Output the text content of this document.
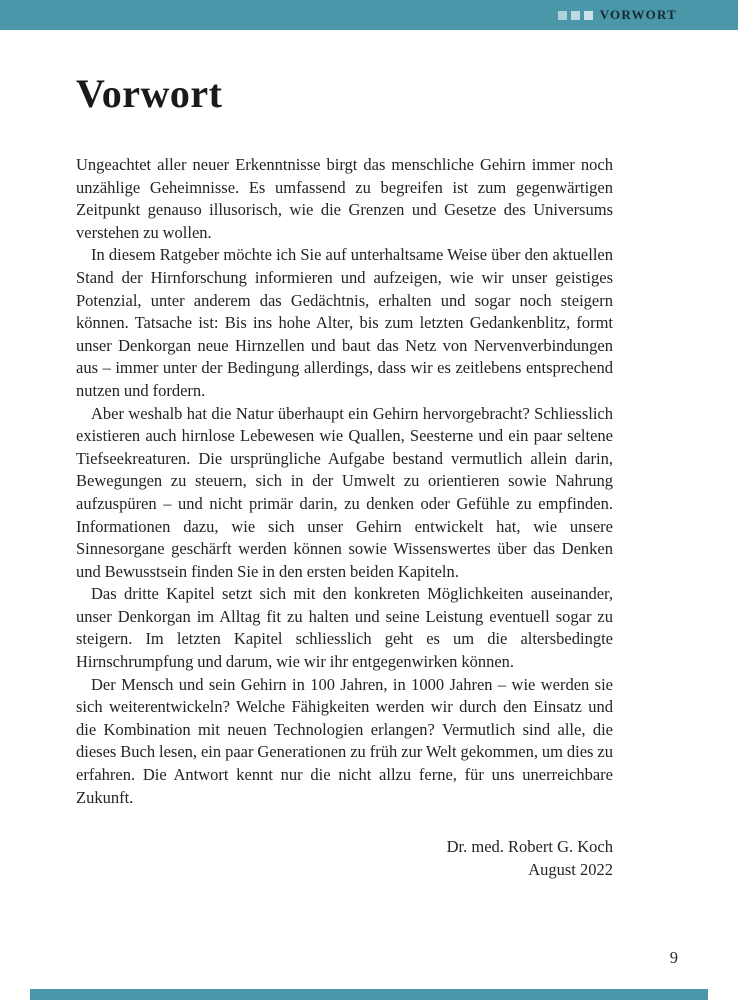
VORWORT
Vorwort

Ungeachtet aller neuer Erkenntnisse birgt das menschliche Gehirn immer noch unzählige Geheimnisse. Es umfassend zu begreifen ist zum gegenwärtigen Zeitpunkt genauso illusorisch, wie die Grenzen und Gesetze des Universums verstehen zu wollen.

In diesem Ratgeber möchte ich Sie auf unterhaltsame Weise über den aktuellen Stand der Hirnforschung informieren und aufzeigen, wie wir unser geistiges Potenzial, unter anderem das Gedächtnis, erhalten und sogar noch steigern können. Tatsache ist: Bis ins hohe Alter, bis zum letzten Gedankenblitz, formt unser Denkorgan neue Hirnzellen und baut das Netz von Nervenverbindungen aus – immer unter der Bedingung allerdings, dass wir es zeitlebens entsprechend nutzen und fordern.

Aber weshalb hat die Natur überhaupt ein Gehirn hervorgebracht? Schliesslich existieren auch hirnlose Lebewesen wie Quallen, Seesterne und ein paar seltene Tiefseekreaturen. Die ursprüngliche Aufgabe bestand vermutlich allein darin, Bewegungen zu steuern, sich in der Umwelt zu orientieren sowie Nahrung aufzuspüren – und nicht primär darin, zu denken oder Gefühle zu empfinden. Informationen dazu, wie sich unser Gehirn entwickelt hat, wie unsere Sinnesorgane geschärft werden können sowie Wissenswertes über das Denken und Bewusstsein finden Sie in den ersten beiden Kapiteln.

Das dritte Kapitel setzt sich mit den konkreten Möglichkeiten auseinander, unser Denkorgan im Alltag fit zu halten und seine Leistung eventuell sogar zu steigern. Im letzten Kapitel schliesslich geht es um die altersbedingte Hirnschrumpfung und darum, wie wir ihr entgegenwirken können.

Der Mensch und sein Gehirn in 100 Jahren, in 1000 Jahren – wie werden sie sich weiterentwickeln? Welche Fähigkeiten werden wir durch den Einsatz und die Kombination mit neuen Technologien erlangen? Vermutlich sind alle, die dieses Buch lesen, ein paar Generationen zu früh zur Welt gekommen, um dies zu erfahren. Die Antwort kennt nur die nicht allzu ferne, für uns unerreichbare Zukunft.

Dr. med. Robert G. Koch
August 2022
9
